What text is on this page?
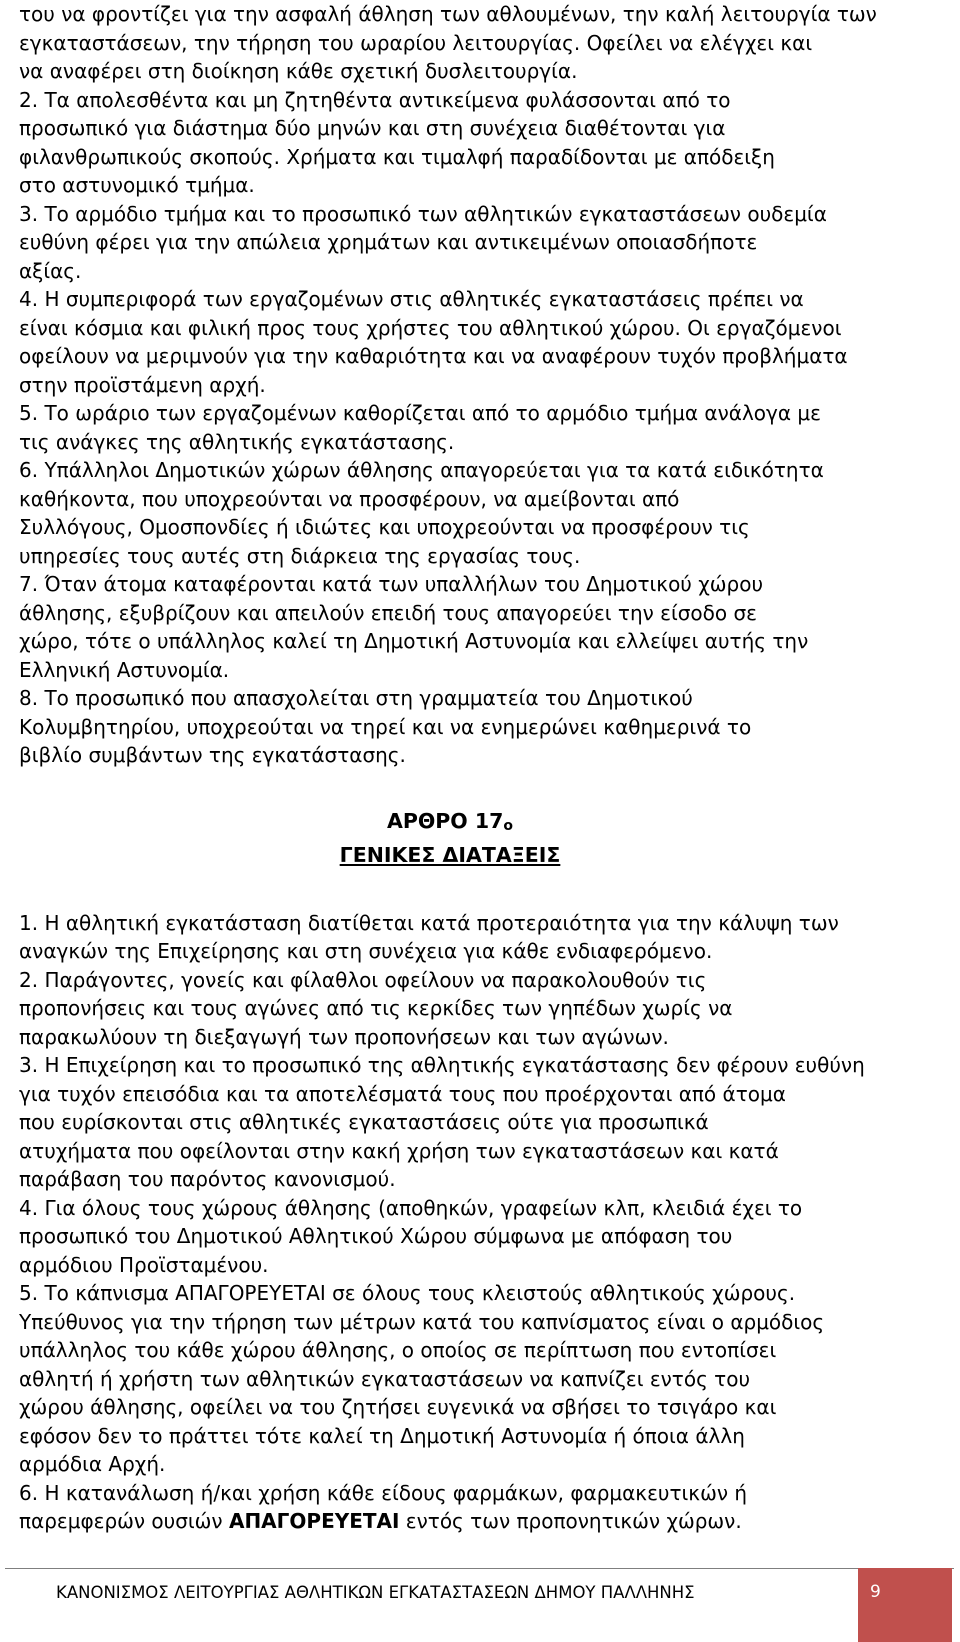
του να φροντίζει για την ασφαλή άθληση των αθλουμένων, την καλή λειτουργία των

εγκαταστάσεων, την τήρηση του ωραρίου λειτουργίας. Οφείλει να ελέγχει και

να αναφέρει στη διοίκηση κάθε σχετική δυσλειτουργία.

2. Τα απολεσθέντα και μη ζητηθέντα αντικείμενα φυλάσσονται από το

προσωπικό για διάστημα δύο μηνών και στη συνέχεια διαθέτονται για

φιλανθρωπικούς σκοπούς. Χρήματα και τιμαλφή παραδίδονται με απόδειξη

στο αστυνομικό τμήμα.

3. Το αρμόδιο τμήμα και το προσωπικό των αθλητικών εγκαταστάσεων ουδεμία

ευθύνη φέρει για την απώλεια χρημάτων και αντικειμένων οποιασδήποτε

αξίας.

4. Η συμπεριφορά των εργαζομένων στις αθλητικές εγκαταστάσεις πρέπει να

είναι κόσμια και φιλική προς τους χρήστες του αθλητικού χώρου. Οι εργαζόμενοι

οφείλουν να μεριμνούν για την καθαριότητα και να αναφέρουν τυχόν προβλήματα

στην προϊστάμενη αρχή.

5. Το ωράριο των εργαζομένων καθορίζεται από το αρμόδιο τμήμα ανάλογα με

τις ανάγκες της αθλητικής εγκατάστασης.

6. Υπάλληλοι Δημοτικών χώρων άθλησης απαγορεύεται για τα κατά ειδικότητα

καθήκοντα, που υποχρεούνται να προσφέρουν, να αμείβονται από

Συλλόγους, Ομοσπονδίες ή ιδιώτες και υποχρεούνται να προσφέρουν τις

υπηρεσίες τους αυτές στη διάρκεια της εργασίας τους.

7. Όταν άτομα καταφέρονται κατά των υπαλλήλων του Δημοτικού χώρου

άθλησης, εξυβρίζουν και απειλούν επειδή τους απαγορεύει την είσοδο σε

χώρο, τότε ο υπάλληλος καλεί τη Δημοτική Αστυνομία και ελλείψει αυτής την

Ελληνική Αστυνομία.

8. Το προσωπικό που απασχολείται στη γραμματεία του Δημοτικού

Κολυμβητηρίου, υποχρεούται να τηρεί και να ενημερώνει καθημερινά το

βιβλίο συμβάντων της εγκατάστασης.

ΑΡΘΡΟ 17ο

ΓΕΝΙΚΕΣ ΔΙΑΤΑΞΕΙΣ

1. Η αθλητική εγκατάσταση διατίθεται κατά προτεραιότητα για την κάλυψη των

αναγκών της Επιχείρησης και στη συνέχεια για κάθε ενδιαφερόμενο.

2. Παράγοντες, γονείς και φίλαθλοι οφείλουν να παρακολουθούν τις

προπονήσεις και τους αγώνες από τις κερκίδες των γηπέδων χωρίς να

παρακωλύουν τη διεξαγωγή των προπονήσεων και των αγώνων.

3. Η Επιχείρηση και το προσωπικό της αθλητικής εγκατάστασης δεν φέρουν ευθύνη

για τυχόν επεισόδια και τα αποτελέσματά τους που προέρχονται από άτομα

που ευρίσκονται στις αθλητικές εγκαταστάσεις ούτε για προσωπικά

ατυχήματα που οφείλονται στην κακή χρήση των εγκαταστάσεων και κατά

παράβαση του παρόντος κανονισμού.

4. Για όλους τους χώρους άθλησης (αποθηκών, γραφείων κλπ, κλειδιά έχει το

προσωπικό του Δημοτικού Αθλητικού Χώρου σύμφωνα με απόφαση του

αρμόδιου Προϊσταμένου.

5. Το κάπνισμα ΑΠΑΓΟΡΕΥΕΤΑΙ σε όλους τους κλειστούς αθλητικούς χώρους.

Υπεύθυνος για την τήρηση των μέτρων κατά του καπνίσματος είναι ο αρμόδιος

υπάλληλος του κάθε χώρου άθλησης, ο οποίος σε περίπτωση που εντοπίσει

αθλητή ή χρήστη των αθλητικών εγκαταστάσεων να καπνίζει εντός του

χώρου άθλησης, οφείλει να του ζητήσει ευγενικά να σβήσει το τσιγάρο και

εφόσον δεν το πράττει τότε καλεί τη Δημοτική Αστυνομία ή όποια άλλη

αρμόδια Αρχή.

6. Η κατανάλωση ή/και χρήση κάθε είδους φαρμάκων, φαρμακευτικών ή

παρεμφερών ουσιών ΑΠΑΓΟΡΕΥΕΤΑΙ εντός των προπονητικών χώρων.

ΚΑΝΟΝΙΣΜΟΣ ΛΕΙΤΟΥΡΓΙΑΣ ΑΘΛΗΤΙΚΩΝ ΕΓΚΑΤΑΣΤΑΣΕΩΝ ΔΗΜΟΥ ΠΑΛΛΗΝΗΣ	9
